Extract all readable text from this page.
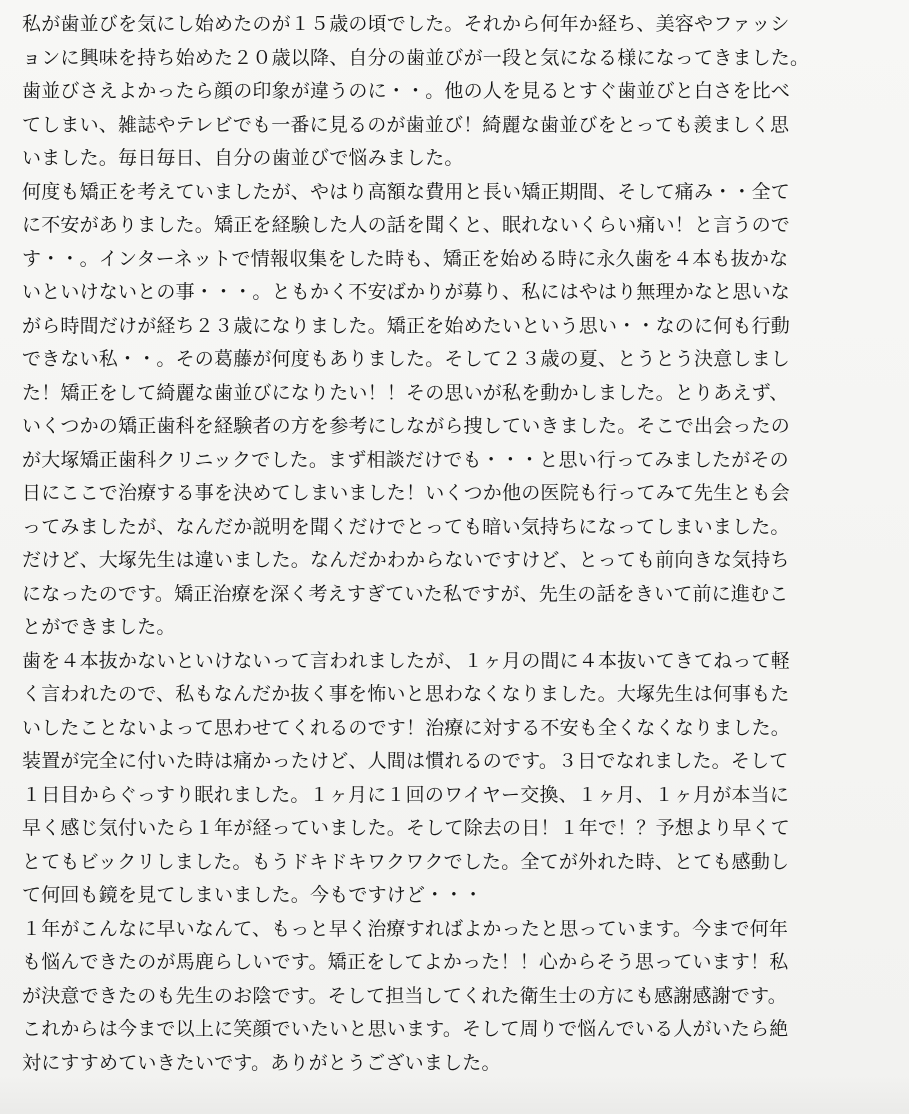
私が歯並びを気にし始めたのが１５歳の頃でした。それから何年か経ち、美容やファッシ
ョンに興味を持ち始めた２０歳以降、自分の歯並びが一段と気になる様になってきました。
歯並びさえよかったら顔の印象が違うのに・・。他の人を見るとすぐ歯並びと白さを比べ
てしまい、雑誌やテレビでも一番に見るのが歯並び！綺麗な歯並びをとっても羨ましく思
いました。毎日毎日、自分の歯並びで悩みました。
何度も矯正を考えていましたが、やはり高額な費用と長い矯正期間、そして痛み・・全て
に不安がありました。矯正を経験した人の話を聞くと、眠れないくらい痛い！と言うので
す・・。インターネットで情報収集をした時も、矯正を始める時に永久歯を４本も抜かな
いといけないとの事・・・。ともかく不安ばかりが募り、私にはやはり無理かなと思いな
がら時間だけが経ち２３歳になりました。矯正を始めたいという思い・・なのに何も行動
できない私・・。その葛藤が何度もありました。そして２３歳の夏、とうとう決意しまし
た！矯正をして綺麗な歯並びになりたい！！その思いが私を動かしました。とりあえず、
いくつかの矯正歯科を経験者の方を参考にしながら捜していきました。そこで出会ったの
が大塚矯正歯科クリニックでした。まず相談だけでも・・・と思い行ってみましたがその
日にここで治療する事を決めてしまいました！いくつか他の医院も行ってみて先生とも会
ってみましたが、なんだか説明を聞くだけでとっても暗い気持ちになってしまいました。
だけど、大塚先生は違いました。なんだかわからないですけど、とっても前向きな気持ち
になったのです。矯正治療を深く考えすぎていた私ですが、先生の話をきいて前に進むこ
とができました。
歯を４本抜かないといけないって言われましたが、１ヶ月の間に４本抜いてきてねって軽
く言われたので、私もなんだか抜く事を怖いと思わなくなりました。大塚先生は何事もた
いしたことないよって思わせてくれるのです！治療に対する不安も全くなくなりました。
装置が完全に付いた時は痛かったけど、人間は慣れるのです。３日でなれました。そして
１日目からぐっすり眠れました。１ヶ月に１回のワイヤー交換、１ヶ月、１ヶ月が本当に
早く感じ気付いたら１年が経っていました。そして除去の日！１年で！？予想より早くて
とてもビックリしました。もうドキドキワクワクでした。全てが外れた時、とても感動し
て何回も鏡を見てしまいました。今もですけど・・・
１年がこんなに早いなんて、もっと早く治療すればよかったと思っています。今まで何年
も悩んできたのが馬鹿らしいです。矯正をしてよかった！！心からそう思っています！私
が決意できたのも先生のお陰です。そして担当してくれた衛生士の方にも感謝感謝です。
これからは今まで以上に笑顔でいたいと思います。そして周りで悩んでいる人がいたら絶
対にすすめていきたいです。ありがとうございました。
